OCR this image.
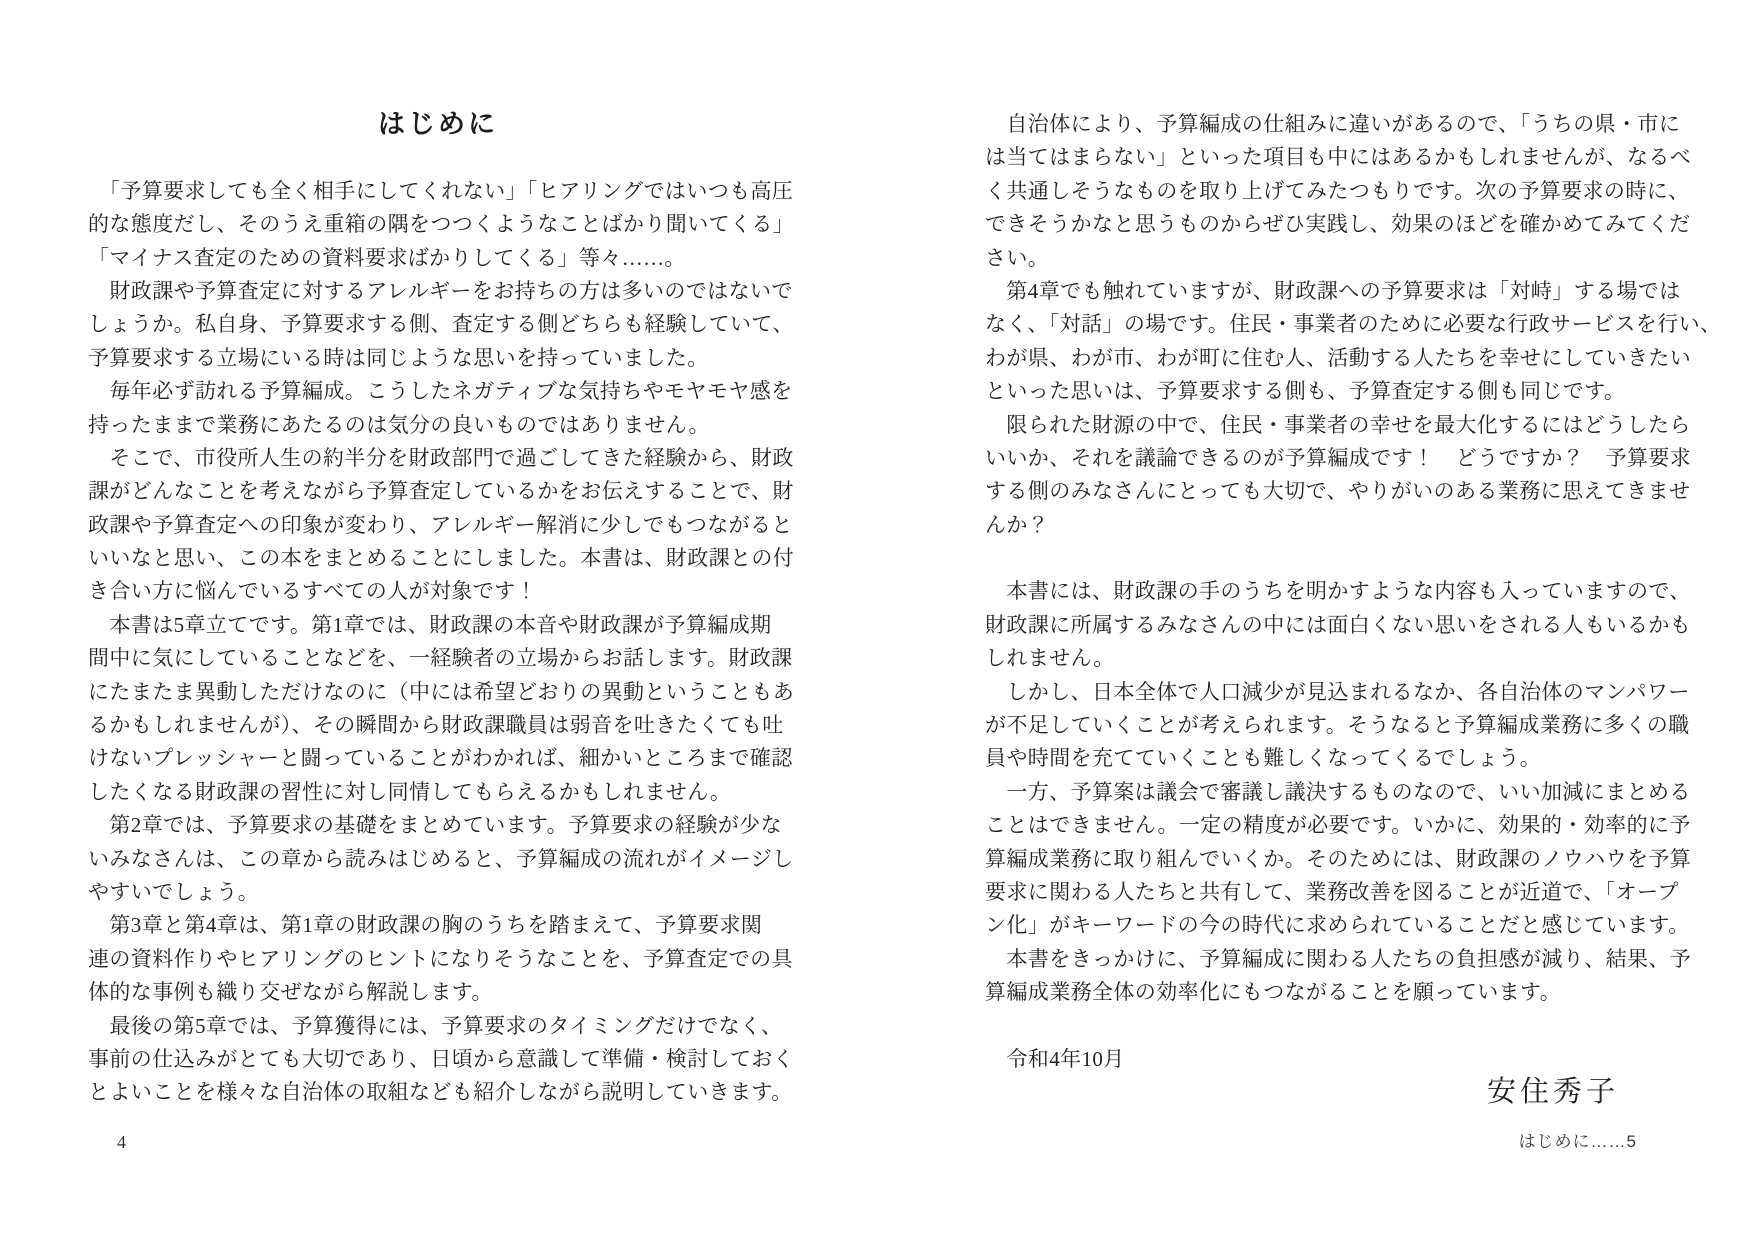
はじめに
　「予算要求しても全く相手にしてくれない」「ヒアリングではいつも高圧
的な態度だし、そのうえ重箱の隅をつつくようなことばかり聞いてくる」
「マイナス査定のための資料要求ばかりしてくる」等々……。
　財政課や予算査定に対するアレルギーをお持ちの方は多いのではないで
しょうか。私自身、予算要求する側、査定する側どちらも経験していて、
予算要求する立場にいる時は同じような思いを持っていました。
　毎年必ず訪れる予算編成。こうしたネガティブな気持ちやモヤモヤ感を
持ったままで業務にあたるのは気分の良いものではありません。
　そこで、市役所人生の約半分を財政部門で過ごしてきた経験から、財政
課がどんなことを考えながら予算査定しているかをお伝えすることで、財
政課や予算査定への印象が変わり、アレルギー解消に少しでもつながると
いいなと思い、この本をまとめることにしました。本書は、財政課との付
き合い方に悩んでいるすべての人が対象です！
　本書は5章立てです。第1章では、財政課の本音や財政課が予算編成期
間中に気にしていることなどを、一経験者の立場からお話します。財政課
にたまたま異動しただけなのに（中には希望どおりの異動ということもあ
るかもしれませんが）、その瞬間から財政課職員は弱音を吐きたくても吐
けないプレッシャーと闘っていることがわかれば、細かいところまで確認
したくなる財政課の習性に対し同情してもらえるかもしれません。
　第2章では、予算要求の基礎をまとめています。予算要求の経験が少な
いみなさんは、この章から読みはじめると、予算編成の流れがイメージし
やすいでしょう。
　第3章と第4章は、第1章の財政課の胸のうちを踏まえて、予算要求関
連の資料作りやヒアリングのヒントになりそうなことを、予算査定での具
体的な事例も織り交ぜながら解説します。
　最後の第5章では、予算獲得には、予算要求のタイミングだけでなく、
事前の仕込みがとても大切であり、日頃から意識して準備・検討しておく
とよいことを様々な自治体の取組なども紹介しながら説明していきます。
　自治体により、予算編成の仕組みに違いがあるので、「うちの県・市に
は当てはまらない」といった項目も中にはあるかもしれませんが、なるべ
く共通しそうなものを取り上げてみたつもりです。次の予算要求の時に、
できそうかなと思うものからぜひ実践し、効果のほどを確かめてみてくだ
さい。
　第4章でも触れていますが、財政課への予算要求は「対峙」する場では
なく、「対話」の場です。住民・事業者のために必要な行政サービスを行い、
わが県、わが市、わが町に住む人、活動する人たちを幸せにしていきたい
といった思いは、予算要求する側も、予算査定する側も同じです。
　限られた財源の中で、住民・事業者の幸せを最大化するにはどうしたら
いいか、それを議論できるのが予算編成です！　どうですか？　予算要求
する側のみなさんにとっても大切で、やりがいのある業務に思えてきませ
んか？
　本書には、財政課の手のうちを明かすような内容も入っていますので、
財政課に所属するみなさんの中には面白くない思いをされる人もいるかも
しれません。
　しかし、日本全体で人口減少が見込まれるなか、各自治体のマンパワー
が不足していくことが考えられます。そうなると予算編成業務に多くの職
員や時間を充てていくことも難しくなってくるでしょう。
　一方、予算案は議会で審議し議決するものなので、いい加減にまとめる
ことはできません。一定の精度が必要です。いかに、効果的・効率的に予
算編成業務に取り組んでいくか。そのためには、財政課のノウハウを予算
要求に関わる人たちと共有して、業務改善を図ることが近道で、「オープ
ン化」がキーワードの今の時代に求められていることだと感じています。
　本書をきっかけに、予算編成に関わる人たちの負担感が減り、結果、予
算編成業務全体の効率化にもつながることを願っています。
　令和4年10月
安住秀子
4	はじめに……5
